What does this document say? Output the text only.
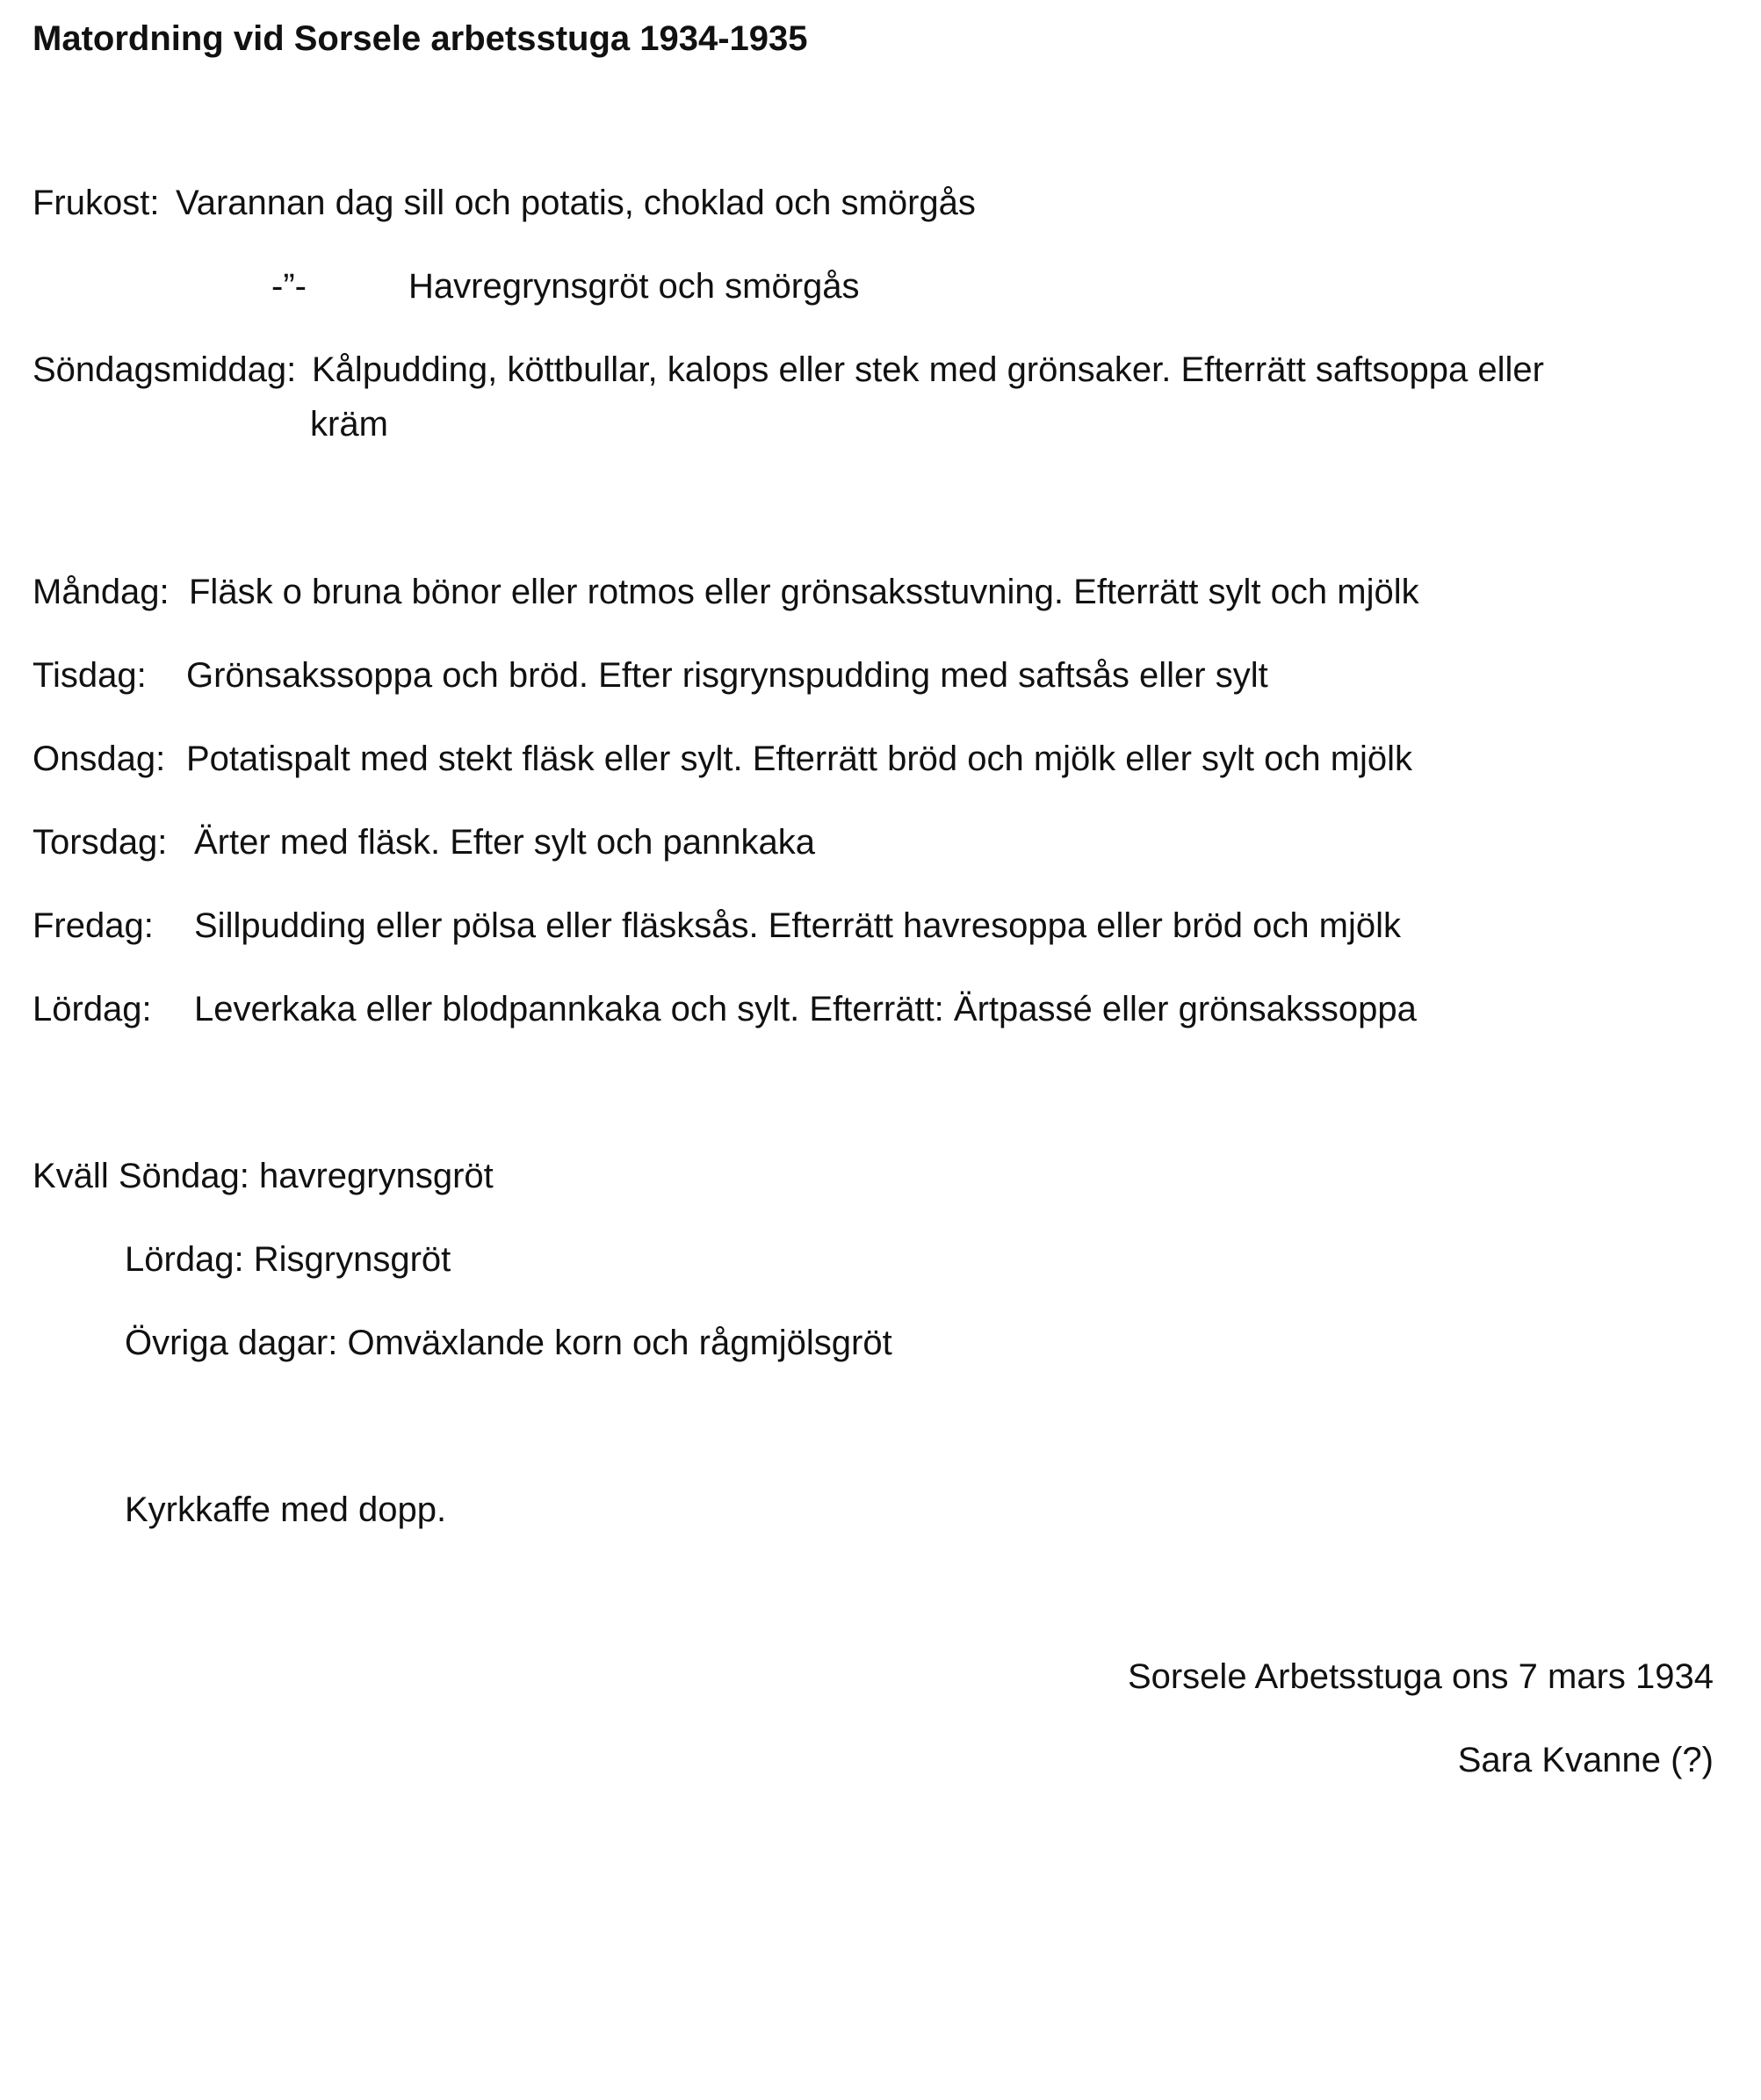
Matordning vid Sorsele arbetsstuga 1934-1935
Frukost: Varannan dag sill och potatis, choklad och smörgås
-”-	Havregrynsgröt och smörgås
Söndagsmiddag: Kålpudding, köttbullar, kalops eller stek med grönsaker. Efterrätt saftsoppa eller
kräm
Måndag: Fläsk o bruna bönor eller rotmos eller grönsaksstuvning. Efterrätt sylt och mjölk
Tisdag: Grönsakssoppa och bröd. Efter risgrynspudding med saftsås eller sylt
Onsdag: Potatispalt med stekt fläsk eller sylt. Efterrätt bröd och mjölk eller sylt och mjölk
Torsdag: Ärter med fläsk. Efter sylt och pannkaka
Fredag: Sillpudding eller pölsa eller fläsksås. Efterrätt havresoppa eller bröd och mjölk
Lördag: Leverkaka eller blodpannkaka och sylt. Efterrätt: Ärtpassé eller grönsakssoppa
Kväll Söndag: havregrynsgröt
Lördag: Risgrynsgröt
Övriga dagar: Omväxlande korn och rågmjölsgröt
Kyrkkaffe med dopp.
Sorsele Arbetsstuga ons 7 mars 1934
Sara Kvanne (?)
